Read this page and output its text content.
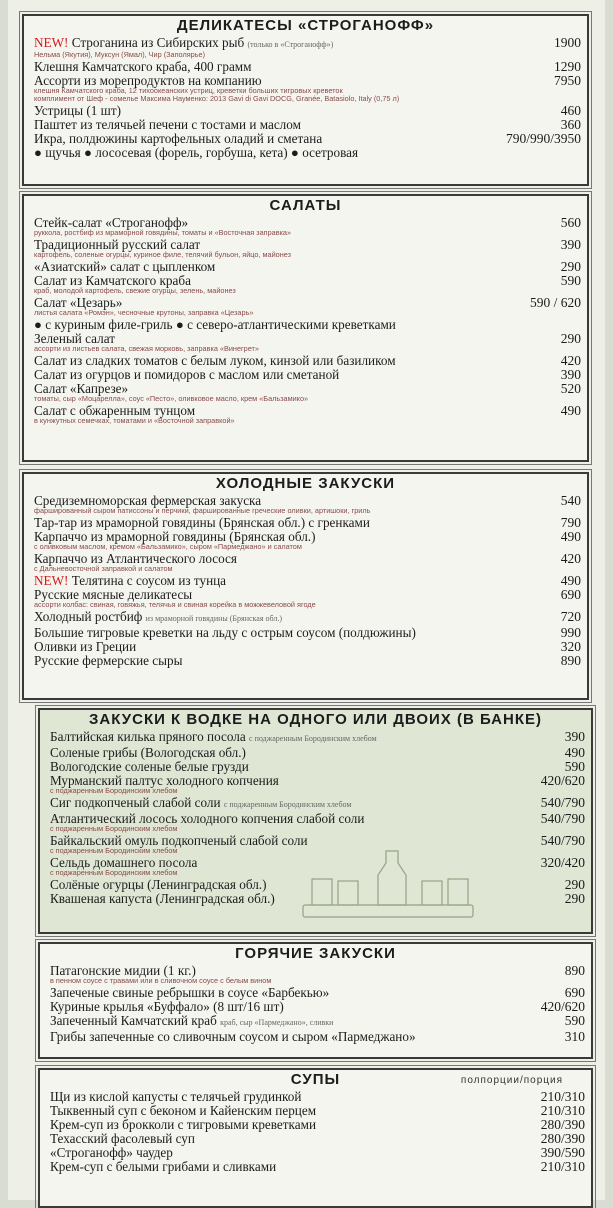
ДЕЛИКАТЕСЫ «СТРОГАНОФФ»
NEW! Строганина из Сибирских рыб (только в «Строганофф»)	1900
Нельма (Якутия), Муксун (Ямал), Чир (Заполярье)
Клешня Камчатского краба, 400 грамм	1290
Ассорти из морепродуктов на компанию	7950
клешня Камчатского краба, 12 тихоокеанских устриц, креветки больших тигровых креветок
комплимент от Шеф - сомелье Максима Науменко: 2013 Gavi di Gavi DOCG, Granée, Batasiolo, Italy (0,75 л)
Устрицы (1 шт)	460
Паштет из телячьей печени с тостами и маслом	360
Икра, полдюжины картофельных оладий и сметана	790/990/3950
● щучья ● лососевая (форель, горбуша, кета) ● осетровая
САЛАТЫ
Стейк-салат «Строганофф»	560
руккола, ростбиф из мраморной говядины, томаты и «Восточная заправка»
Традиционный русский салат	390
картофель, соленые огурцы, куриное филе, телячий бульон, яйцо, майонез
«Азиатский» салат с цыпленком	290
Салат из Камчатского краба	590
краб, молодой картофель, свежие огурцы, зелень, майонез
Салат «Цезарь»	590 / 620
листья салата «Ромэн», чесночные крутоны, заправка «Цезарь»
● с куриным филе-гриль ● с северо-атлантическими креветками
Зеленый салат	290
ассорти из листьев салата, свежая морковь, заправка «Винегрет»
Салат из сладких томатов с белым луком, кинзой или базиликом	420
Салат из огурцов и помидоров с маслом или сметаной	390
Салат «Капрезе»	520
томаты, сыр «Моцарелла», соус «Песто», оливковое масло, крем «Бальзамико»
Салат с обжаренным тунцом	490
в кунжутных семечках, томатами и «Восточной заправкой»
ХОЛОДНЫЕ ЗАКУСКИ
Средиземноморская фермерская закуска	540
фаршированный сыром патиссоны и перчики, фаршированные греческие оливки, артишоки, гриль
Тар-тар из мраморной говядины (Брянская обл.) с гренками	790
Карпаччо из мраморной говядины (Брянская обл.)	490
с оливковым маслом, кремом «Бальзамико», сыром «Пармеджано» и салатом
Карпаччо из Атлантического лосося	420
с Дальневосточной заправкой и салатом
NEW! Телятина с соусом из тунца	490
Русские мясные деликатесы	690
ассорти колбас: свиная, говяжья, телячья и свиная корейка в можжевеловой ягоде
Холодный ростбиф из мраморной говядины (Брянская обл.)	720
Большие тигровые креветки на льду с острым соусом (полдюжины)	990
Оливки из Греции	320
Русские фермерские сыры	890
ЗАКУСКИ К ВОДКЕ НА ОДНОГО ИЛИ ДВОИХ (В БАНКЕ)
Балтийская килька пряного посола с поджаренным Бородинским хлебом	390
Соленые грибы (Вологодская обл.)	490
Вологодские соленые белые грузди	590
Мурманский палтус холодного копчения	420/620
с поджаренным Бородинским хлебом
Сиг подкопченый слабой соли с поджаренным Бородинским хлебом	540/790
Атлантический лосось холодного копчения слабой соли	540/790
с поджаренным Бородинским хлебом
Байкальский омуль подкопченый слабой соли	540/790
с поджаренным Бородинским хлебом
Сельдь домашнего посола	320/420
с поджаренным Бородинским хлебом
Солёные огурцы (Ленинградская обл.)	290
Квашеная капуста (Ленинградская обл.)	290
ГОРЯЧИЕ ЗАКУСКИ
Патагонские мидии (1 кг.)	890
в пенном соусе с травами или в сливочном соусе с белым вином
Запеченые свиные ребрышки в соусе «Барбекью»	690
Куриные крылья «Буффало» (8 шт/16 шт)	420/620
Запеченный Камчатский краб краб, сыр «Пармеджано», сливки	590
Грибы запеченные со сливочным соусом и сыром «Пармеджано»	310
СУПЫ	полпорции/порция
Щи из кислой капусты с телячьей грудинкой	210/310
Тыквенный суп с беконом и Кайенским перцем	210/310
Крем-суп из брокколи с тигровыми креветками	280/390
Техасский фасолевый суп	280/390
«Строганофф» чаудер	390/590
Крем-суп с белыми грибами и сливками	210/310
